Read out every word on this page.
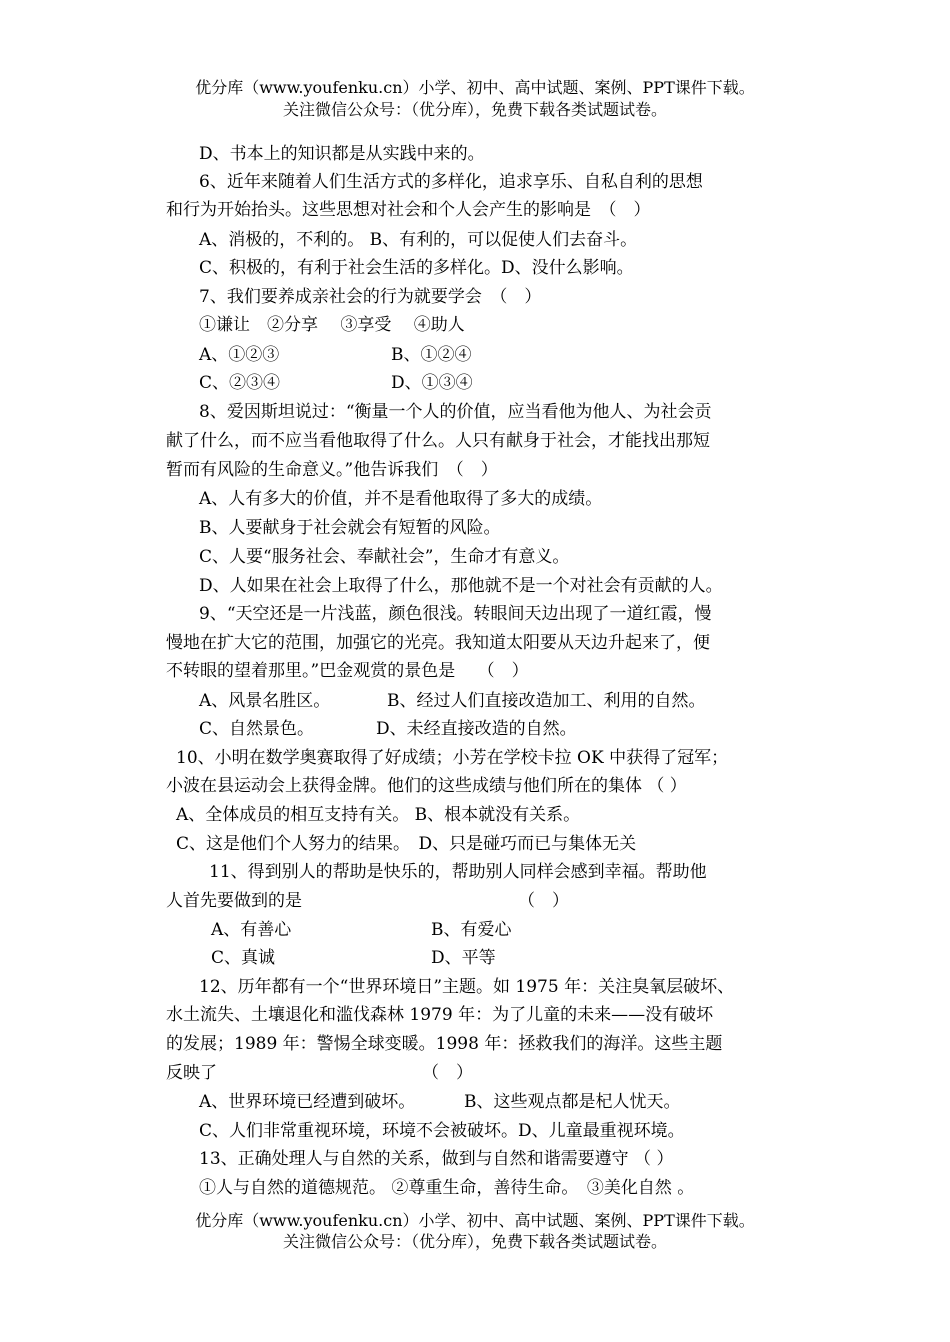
优分库（www.youfenku.cn）小学、初中、高中试题、案例、PPT课件下载。
关注微信公众号：（优分库），免费下载各类试题试卷。
D、书本上的知识都是从实践中来的。
6、近年来随着人们生活方式的多样化，追求享乐、自私自利的思想
和行为开始抬头。这些思想对社会和个人会产生的影响是　（　）
A、消极的，不利的。 B、有利的，可以促使人们去奋斗。
C、积极的，有利于社会生活的多样化。D、没什么影响。
7、我们要养成亲社会的行为就要学会　（　）
①谦让　②分享　 ③享受　 ④助人
A、①②③	B、①②④
C、②③④	D、①③④
8、爱因斯坦说过：“衡量一个人的价值，应当看他为他人、为社会贡
献了什么，而不应当看他取得了什么。人只有献身于社会，才能找出那短
暂而有风险的生命意义。”他告诉我们　（　）
A、人有多大的价值，并不是看他取得了多大的成绩。
B、人要献身于社会就会有短暂的风险。
C、人要“服务社会、奉献社会”，生命才有意义。
D、人如果在社会上取得了什么，那他就不是一个对社会有贡献的人。
9、“天空还是一片浅蓝，颜色很浅。转眼间天边出现了一道红霞，慢
慢地在扩大它的范围，加强它的光亮。我知道太阳要从天边升起来了，便
不转眼的望着那里。”巴金观赏的景色是　 （　）
A、风景名胜区。	B、经过人们直接改造加工、利用的自然。
C、自然景色。	D、未经直接改造的自然。
10、小明在数学奥赛取得了好成绩；小芳在学校卡拉 OK 中获得了冠军；
小波在县运动会上获得金牌。他们的这些成绩与他们所在的集体 （ ）
A、全体成员的相互支持有关。 B、根本就没有关系。
C、这是他们个人努力的结果。　D、只是碰巧而已与集体无关
11、得到别人的帮助是快乐的，帮助别人同样会感到幸福。帮助他
人首先要做到的是	（　）
A、有善心	B、有爱心
C、真诚	D、平等
12、历年都有一个“世界环境日”主题。如 1975 年：关注臭氧层破坏、
水土流失、土壤退化和滥伐森林 1979 年：为了儿童的未来——没有破坏
的发展；1989 年：警惕全球变暖。1998 年：拯救我们的海洋。这些主题
反映了	（　）
A、世界环境已经遭到破坏。	B、这些观点都是杞人忧天。
C、人们非常重视环境，环境不会被破坏。D、儿童最重视环境。
13、正确处理人与自然的关系，做到与自然和谐需要遵守 （ ）
①人与自然的道德规范。 ②尊重生命，善待生命。　③美化自然 。
优分库（www.youfenku.cn）小学、初中、高中试题、案例、PPT课件下载。
关注微信公众号：（优分库），免费下载各类试题试卷。
